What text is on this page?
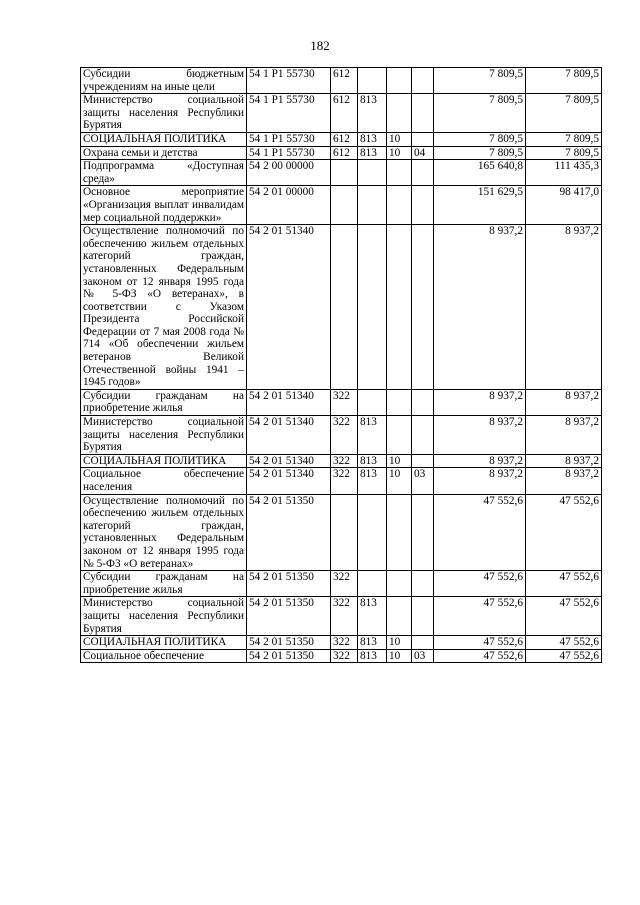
182
Субсидии бюджетным учреждениям на иные цели	54 1 P1 55730	612				7 809,5	7 809,5
Министерство социальной защиты населения Республики Бурятия	54 1 P1 55730	612	813			7 809,5	7 809,5
СОЦИАЛЬНАЯ ПОЛИТИКА	54 1 P1 55730	612	813	10		7 809,5	7 809,5
Охрана семьи и детства	54 1 P1 55730	612	813	10	04	7 809,5	7 809,5
Подпрограмма «Доступная среда»	54 2 00 00000					165 640,8	111 435,3
Основное мероприятие «Организация выплат инвалидам мер социальной поддержки»	54 2 01 00000					151 629,5	98 417,0
Осуществление полномочий по обеспечению жильем отдельных категорий граждан, установленных Федеральным законом от 12 января 1995 года № 5-ФЗ «О ветеранах», в соответствии с Указом Президента Российской Федерации от 7 мая 2008 года № 714 «Об обеспечении жильем ветеранов Великой Отечественной войны 1941 – 1945 годов»	54 2 01 51340					8 937,2	8 937,2
Субсидии гражданам на приобретение жилья	54 2 01 51340	322				8 937,2	8 937,2
Министерство социальной защиты населения Республики Бурятия	54 2 01 51340	322	813			8 937,2	8 937,2
СОЦИАЛЬНАЯ ПОЛИТИКА	54 2 01 51340	322	813	10		8 937,2	8 937,2
Социальное обеспечение населения	54 2 01 51340	322	813	10	03	8 937,2	8 937,2
Осуществление полномочий по обеспечению жильем отдельных категорий граждан, установленных Федеральным законом от 12 января 1995 года № 5-ФЗ «О ветеранах»	54 2 01 51350					47 552,6	47 552,6
Субсидии гражданам на приобретение жилья	54 2 01 51350	322				47 552,6	47 552,6
Министерство социальной защиты населения Республики Бурятия	54 2 01 51350	322	813			47 552,6	47 552,6
СОЦИАЛЬНАЯ ПОЛИТИКА	54 2 01 51350	322	813	10		47 552,6	47 552,6
Социальное обеспечение	54 2 01 51350	322	813	10	03	47 552,6	47 552,6
